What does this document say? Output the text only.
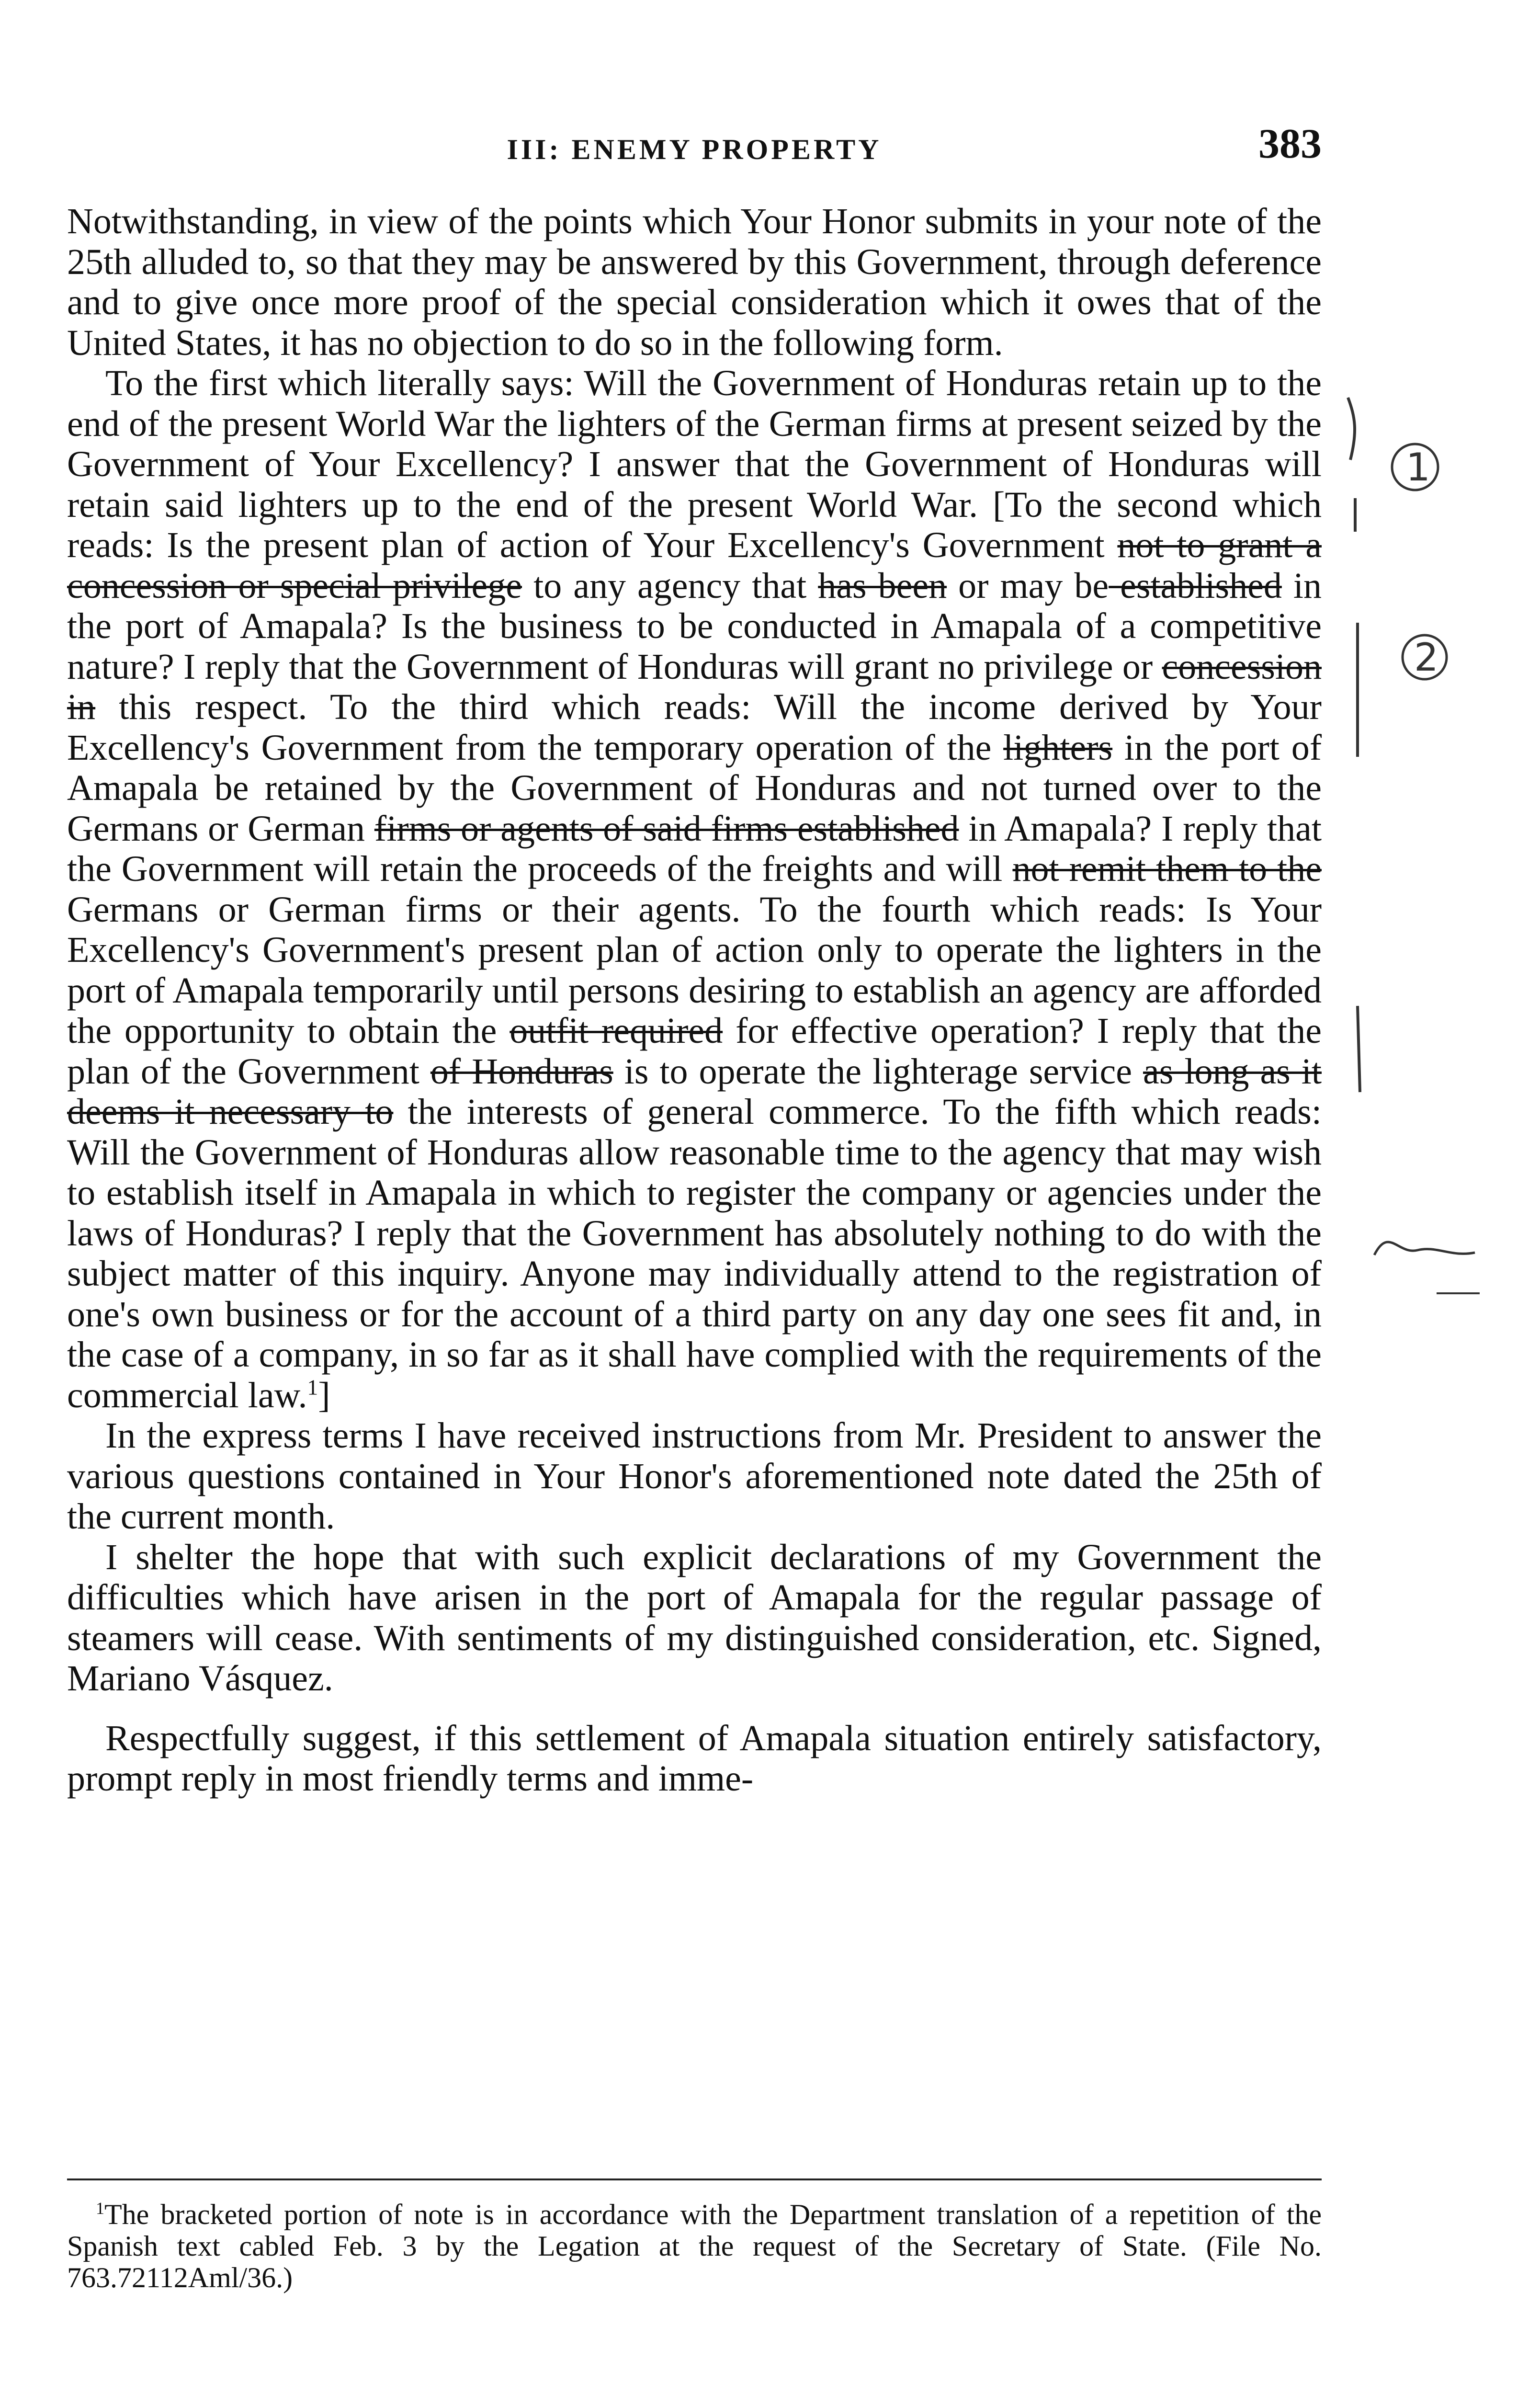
III: ENEMY PROPERTY	383

Notwithstanding, in view of the points which Your Honor submits in your note of the 25th alluded to, so that they may be answered by this Government, through deference and to give once more proof of the special consideration which it owes that of the United States, it has no objection to do so in the following form.

To the first which literally says: Will the Government of Honduras retain up to the end of the present World War the lighters of the German firms at present seized by the Government of Your Excellency? I answer that the Government of Honduras will retain said lighters up to the end of the present World War. [To the second which reads: Is the present plan of action of Your Excellency's Government not to grant a concession or special privilege to any agency that has been or may be established in the port of Amapala? Is the business to be conducted in Amapala of a competitive nature? I reply that the Government of Honduras will grant no privilege or concession in this respect. To the third which reads: Will the income derived by Your Excellency's Government from the temporary operation of the lighters in the port of Amapala be retained by the Government of Honduras and not turned over to the Germans or German firms or agents of said firms established in Amapala? I reply that the Government will retain the proceeds of the freights and will not remit them to the Germans or German firms or their agents. To the fourth which reads: Is Your Excellency's Government's present plan of action only to operate the lighters in the port of Amapala temporarily until persons desiring to establish an agency are afforded the opportunity to obtain the outfit required for effective operation? I reply that the plan of the Government of Honduras is to operate the lighterage service as long as it deems it necessary to the interests of general commerce. To the fifth which reads: Will the Government of Honduras allow reasonable time to the agency that may wish to establish itself in Amapala in which to register the company or agencies under the laws of Honduras? I reply that the Government has absolutely nothing to do with the subject matter of this inquiry. Anyone may individually attend to the registration of one's own business or for the account of a third party on any day one sees fit and, in the case of a company, in so far as it shall have complied with the requirements of the commercial law.$^1$]

In the express terms I have received instructions from Mr. President to answer the various questions contained in Your Honor's aforementioned note dated the 25th of the current month.

I shelter the hope that with such explicit declarations of my Government the difficulties which have arisen in the port of Amapala for the regular passage of steamers will cease. With sentiments of my distinguished consideration, etc. Signed, Mariano Vásquez.

Respectfully suggest, if this settlement of Amapala situation entirely satisfactory, prompt reply in most friendly terms and imme-

$^1$The bracketed portion of note is in accordance with the Department translation of a repetition of the Spanish text cabled Feb. 3 by the Legation at the request of the Secretary of State. (File No. 763.72112Aml/36.)

1
2
